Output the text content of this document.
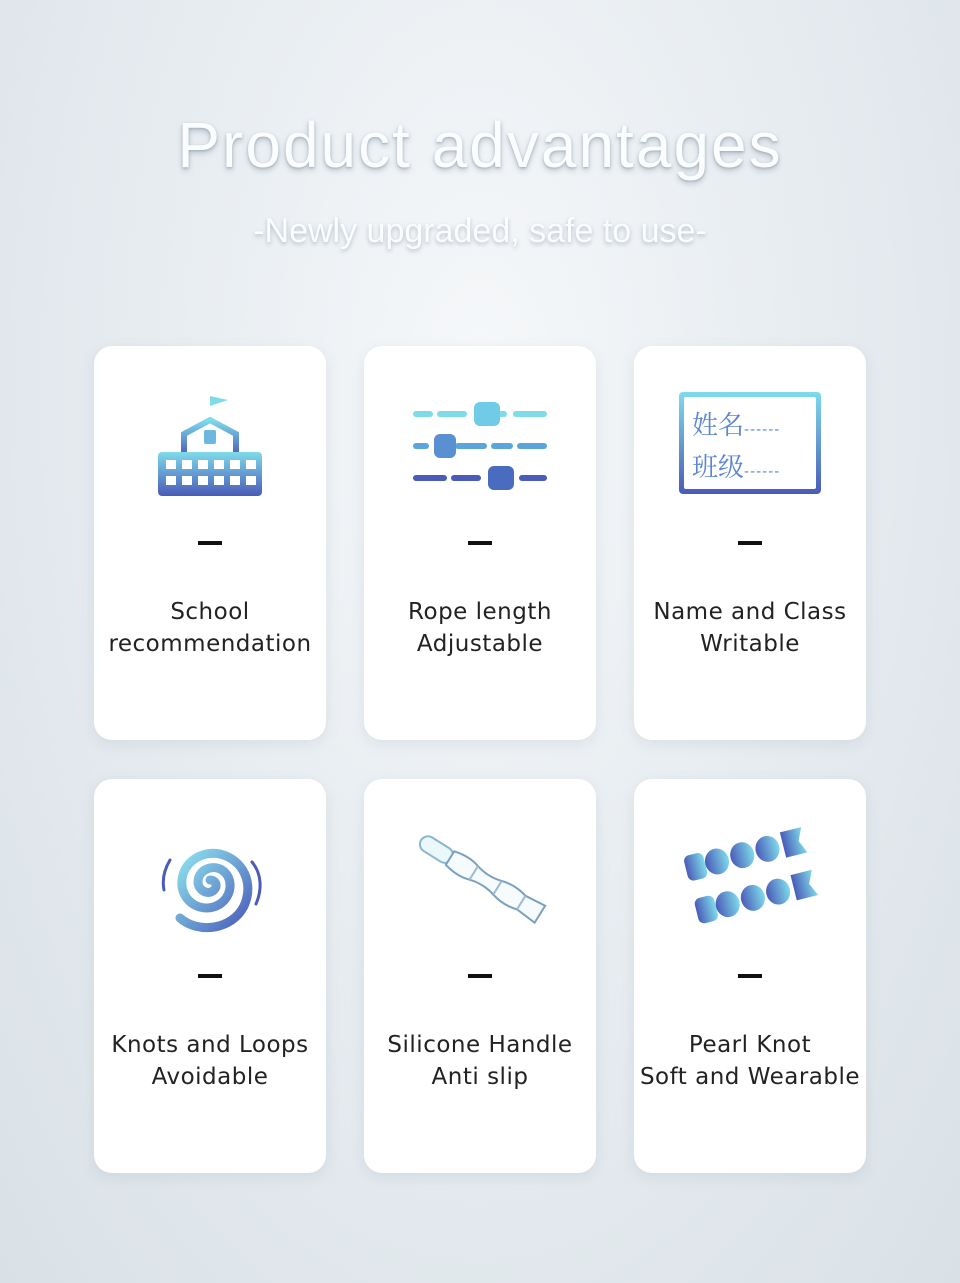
Product advantages
-Newly upgraded, safe to use-
School
recommendation
Rope length
Adjustable
姓名------
班级------
Name and Class
Writable
Knots and Loops
Avoidable
Silicone Handle
Anti slip
Pearl Knot
Soft and Wearable
